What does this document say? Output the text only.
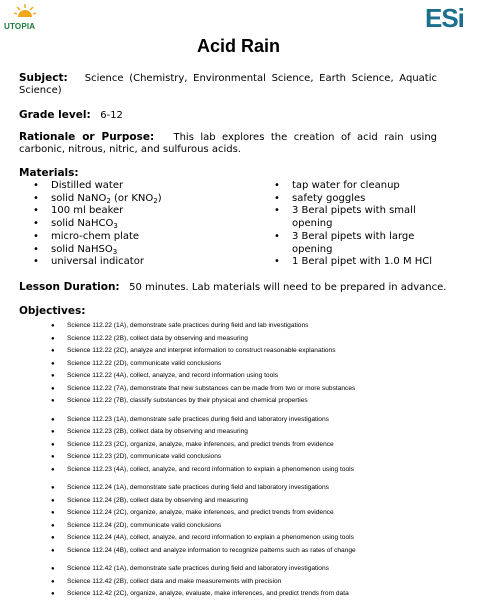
UTOPIA	ESi
Acid Rain
Subject: Science (Chemistry, Environmental Science, Earth Science, Aquatic Science)
Grade level: 6-12
Rationale or Purpose: This lab explores the creation of acid rain using carbonic, nitrous, nitric, and sulfurous acids.
Materials:
• Distilled water
• solid NaNO$_2$ (or $KNO_2$)
• 100 ml beaker
• solid NaHCO$_3$
• micro-chem plate
• solid NaHSO$_3$
• universal indicator
• tap water for cleanup
• safety goggles
• 3 Beral pipets with small opening
• 3 Beral pipets with large opening
• 1 Beral pipet with 1.0 M HCl
Lesson Duration: 50 minutes. Lab materials will need to be prepared in advance.
Objectives:
● Science 112.22 (1A), demonstrate safe practices during field and lab investigations
● Science 112.22 (2B), collect data by observing and measuring
● Science 112.22 (2C), analyze and interpret information to construct reasonable explanations
● Science 112.22 (2D), communicate valid conclusions
● Science 112.22 (4A), collect, analyze, and record information using tools
● Science 112.22 (7A), demonstrate that new substances can be made from two or more substances
● Science 112.22 (7B), classify substances by their physical and chemical properties
● Science 112.23 (1A), demonstrate safe practices during field and laboratory investigations
● Science 112.23 (2B), collect data by observing and measuring
● Science 112.23 (2C), organize, analyze, make inferences, and predict trends from evidence
● Science 112.23 (2D), communicate valid conclusions
● Science 112.23 (4A), collect, analyze, and record information to explain a phenomenon using tools
● Science 112.24 (1A), demonstrate safe practices during field and laboratory investigations
● Science 112.24 (2B), collect data by observing and measuring
● Science 112.24 (2C), organize, analyze, make inferences, and predict trends from evidence
● Science 112.24 (2D), communicate valid conclusions
● Science 112.24 (4A), collect, analyze, and record information to explain a phenomenon using tools
● Science 112.24 (4B), collect and analyze information to recognize patterns such as rates of change
● Science 112.42 (1A), demonstrate safe practices during field and laboratory investigations
● Science 112.42 (2B), collect data and make measurements with precision
● Science 112.42 (2C), organize, analyze, evaluate, make inferences, and predict trends from data
